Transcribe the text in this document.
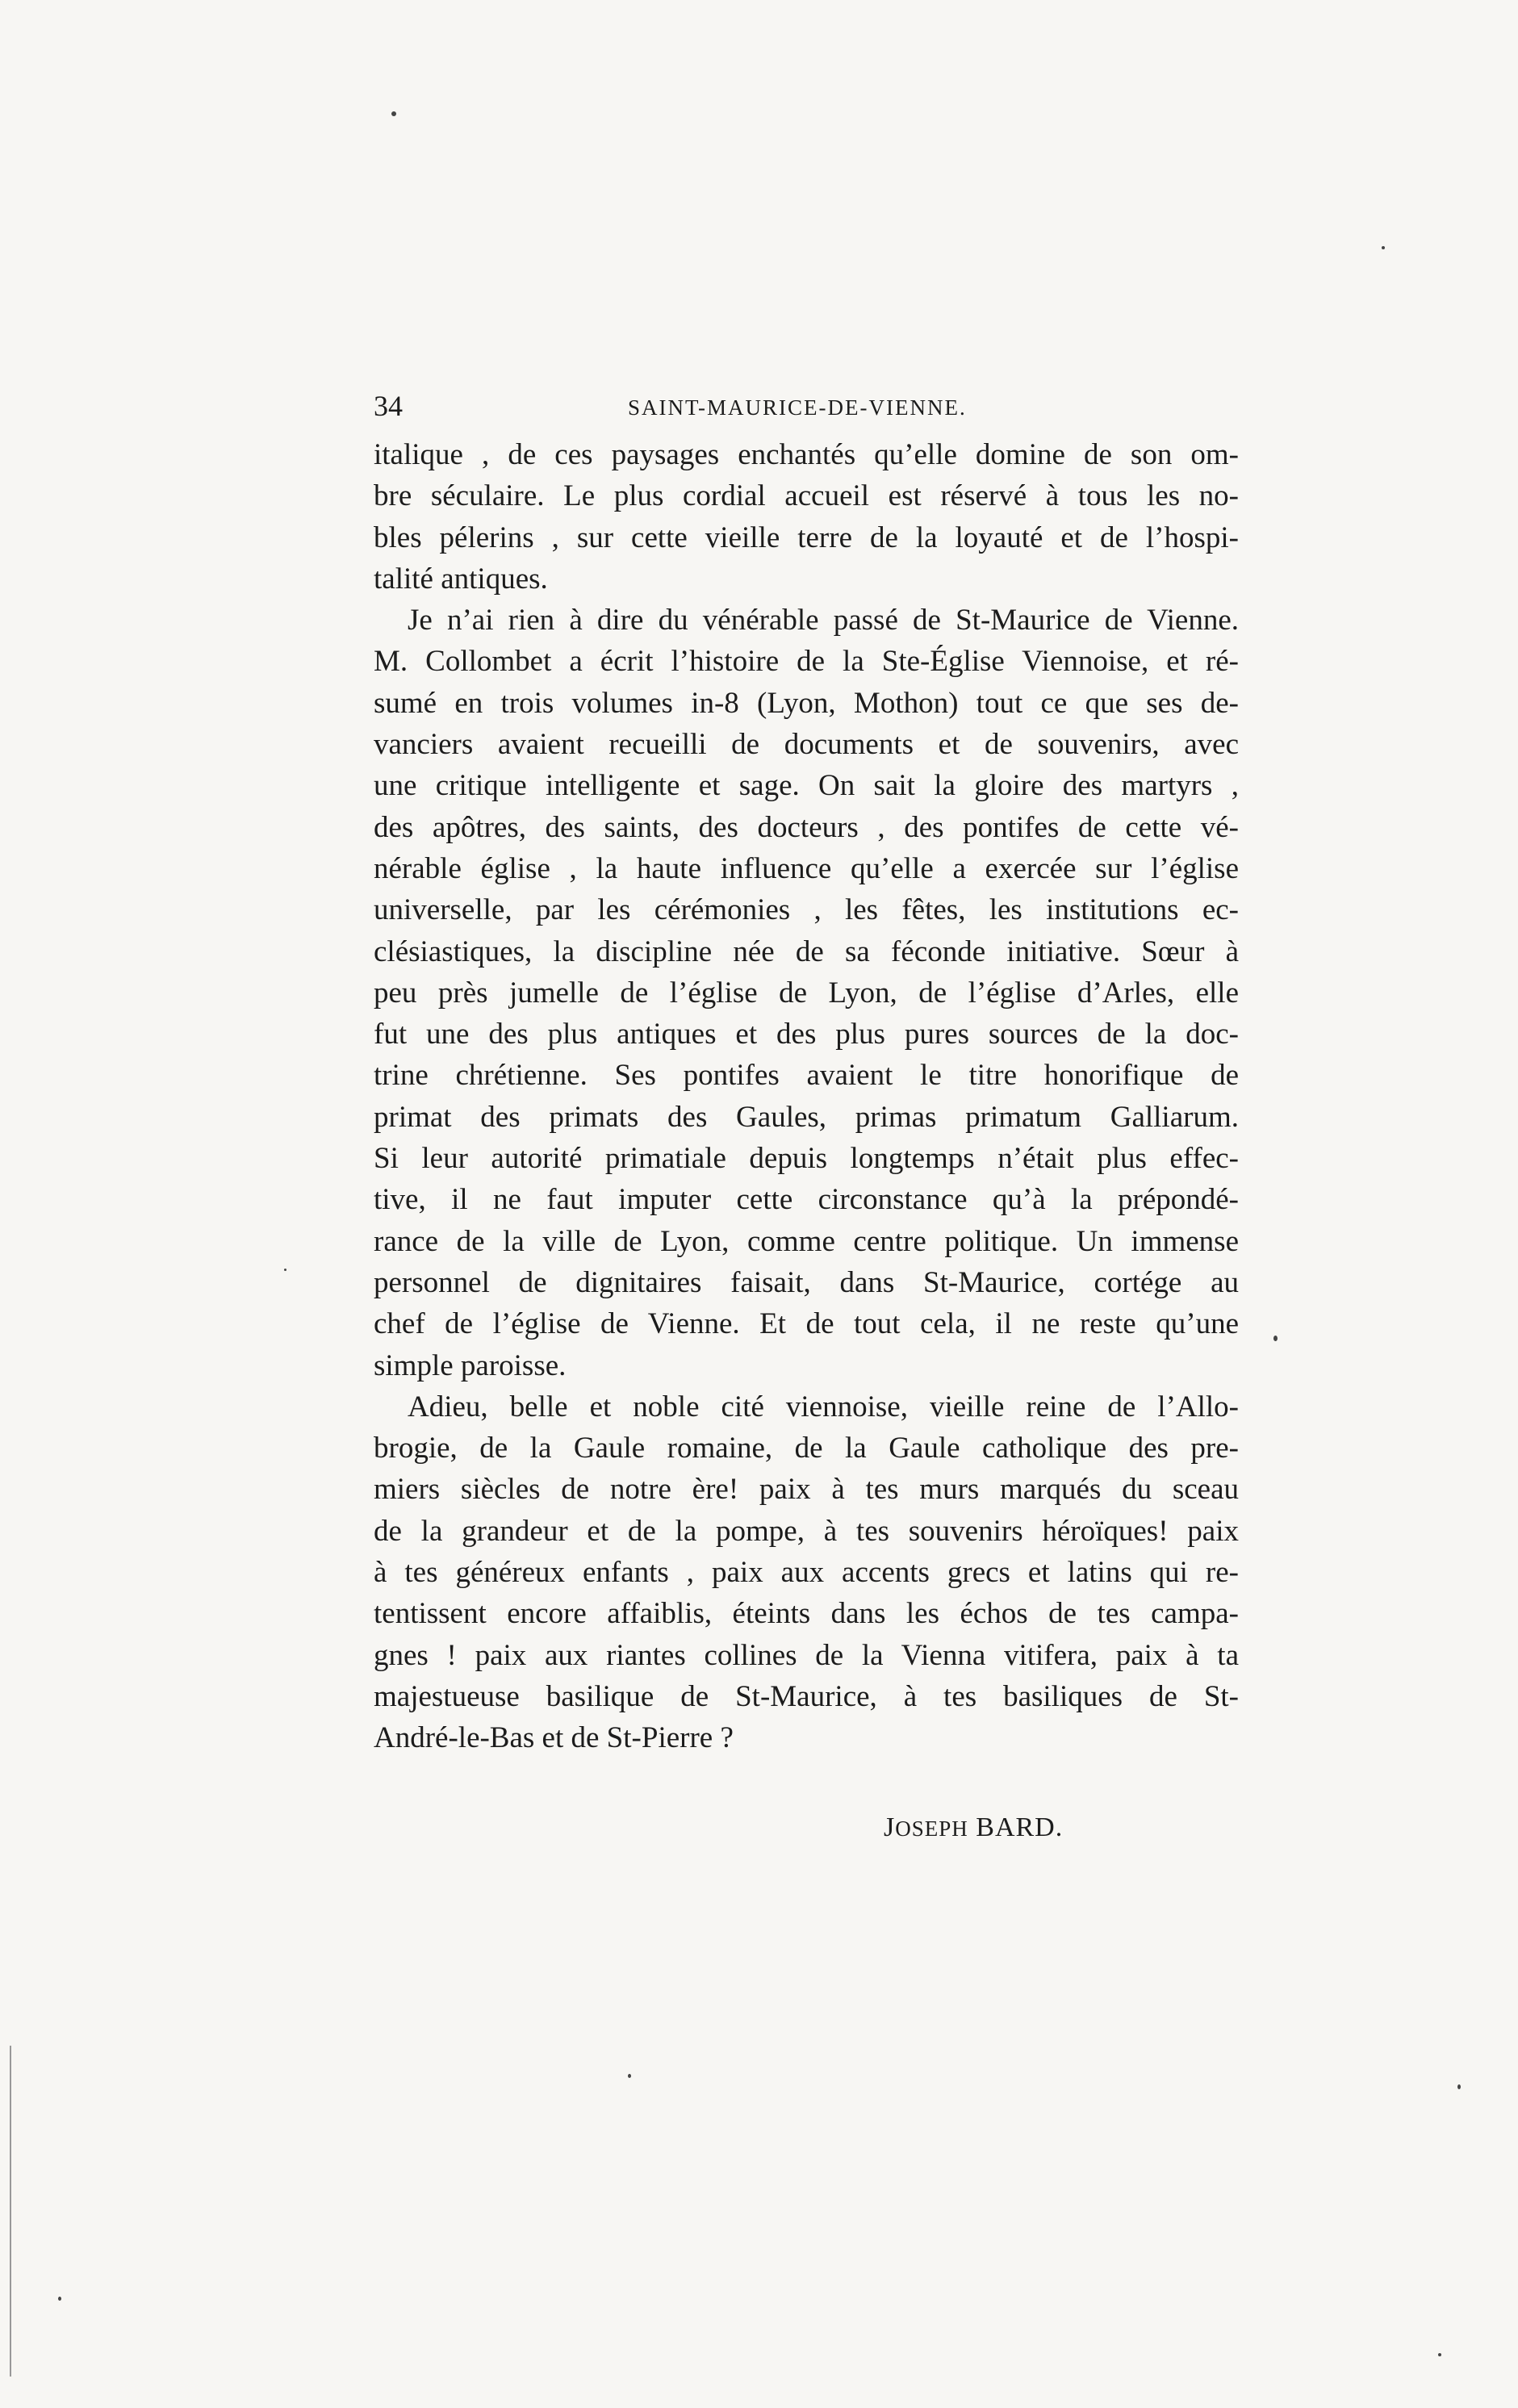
34	SAINT-MAURICE-DE-VIENNE.
italique , de ces paysages enchantés qu’elle domine de son om-
bre séculaire. Le plus cordial accueil est réservé à tous les no-
bles pélerins , sur cette vieille terre de la loyauté et de l’hospi-
talité antiques.
Je n’ai rien à dire du vénérable passé de St-Maurice de Vienne.
M. Collombet a écrit l’histoire de la Ste-Église Viennoise, et ré-
sumé en trois volumes in-8 (Lyon, Mothon) tout ce que ses de-
vanciers avaient recueilli de documents et de souvenirs, avec
une critique intelligente et sage. On sait la gloire des martyrs ,
des apôtres, des saints, des docteurs , des pontifes de cette vé-
nérable église , la haute influence qu’elle a exercée sur l’église
universelle, par les cérémonies , les fêtes, les institutions ec-
clésiastiques, la discipline née de sa féconde initiative. Sœur à
peu près jumelle de l’église de Lyon, de l’église d’Arles, elle
fut une des plus antiques et des plus pures sources de la doc-
trine chrétienne. Ses pontifes avaient le titre honorifique de
primat des primats des Gaules, primas primatum Galliarum.
Si leur autorité primatiale depuis longtemps n’était plus effec-
tive, il ne faut imputer cette circonstance qu’à la prépondé-
rance de la ville de Lyon, comme centre politique. Un immense
personnel de dignitaires faisait, dans St-Maurice, cortége au
chef de l’église de Vienne. Et de tout cela, il ne reste qu’une
simple paroisse.
Adieu, belle et noble cité viennoise, vieille reine de l’Allo-
brogie, de la Gaule romaine, de la Gaule catholique des pre-
miers siècles de notre ère! paix à tes murs marqués du sceau
de la grandeur et de la pompe, à tes souvenirs héroïques! paix
à tes généreux enfants , paix aux accents grecs et latins qui re-
tentissent encore affaiblis, éteints dans les échos de tes campa-
gnes ! paix aux riantes collines de la Vienna vitifera, paix à ta
majestueuse basilique de St-Maurice, à tes basiliques de St-
André-le-Bas et de St-Pierre ?
JOSEPH BARD.
